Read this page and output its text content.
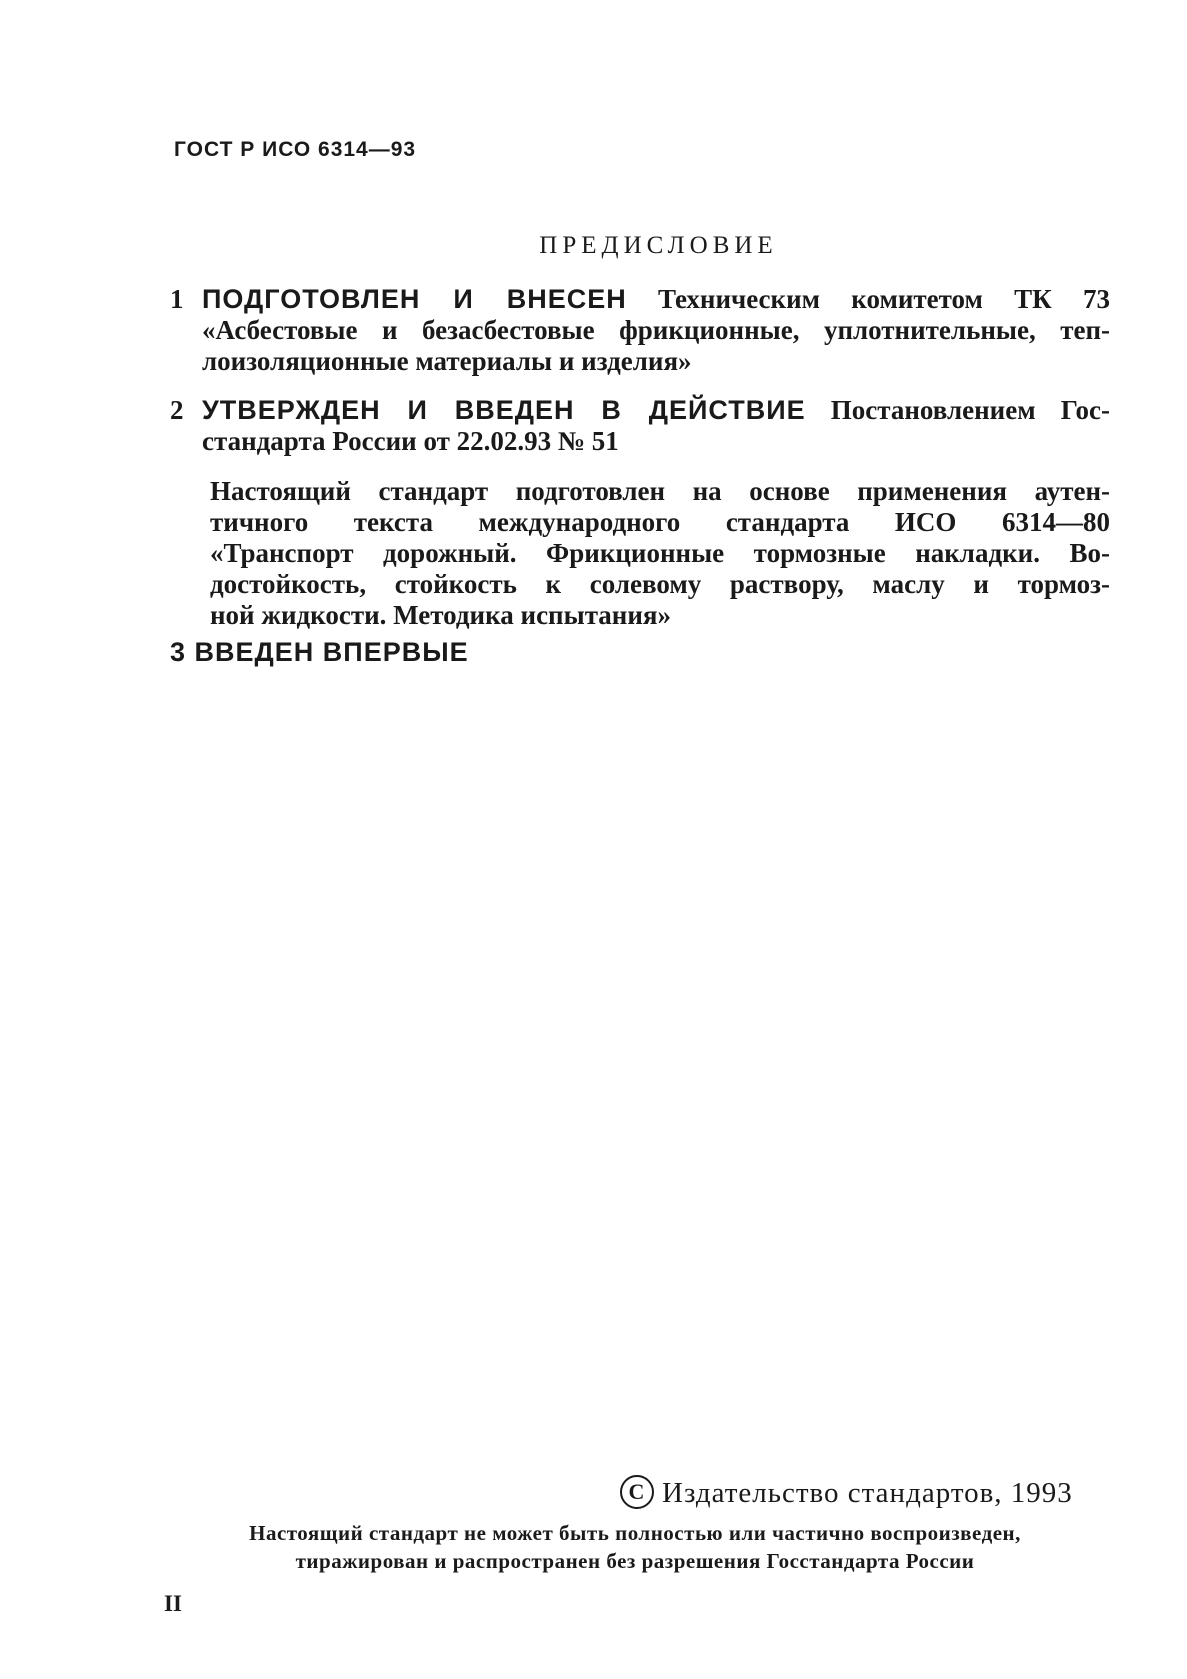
ГОСТ Р ИСО 6314—93
ПРЕДИСЛОВИЕ
1 ПОДГОТОВЛЕН И ВНЕСЕН Техническим комитетом ТК 73
«Асбестовые и безасбестовые фрикционные, уплотнительные, теп-
лоизоляционные материалы и изделия»
2 УТВЕРЖДЕН И ВВЕДЕН В ДЕЙСТВИЕ Постановлением Гос-
стандарта России от 22.02.93 № 51
Настоящий стандарт подготовлен на основе применения аутен-
тичного текста международного стандарта ИСО 6314—80
«Транспорт дорожный. Фрикционные тормозные накладки. Во-
достойкость, стойкость к солевому раствору, маслу и тормоз-
ной жидкости. Методика испытания»
3 ВВЕДЕН ВПЕРВЫЕ
C Издательство стандартов, 1993
Настоящий стандарт не может быть полностью или частично воспроизведен,
тиражирован и распространен без разрешения Госстандарта России
II
